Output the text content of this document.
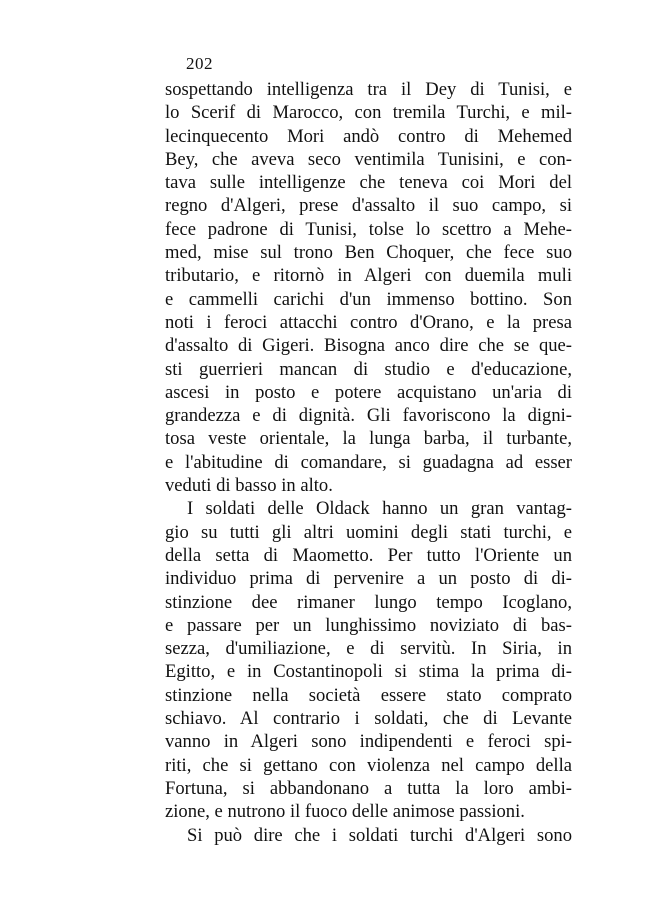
202
sospettando intelligenza tra il Dey di Tunisi, e
lo Scerif di Marocco, con tremila Turchi, e mil-
lecinquecento Mori andò contro di Mehemed
Bey, che aveva seco ventimila Tunisini, e con-
tava sulle intelligenze che teneva coi Mori del
regno d'Algeri, prese d'assalto il suo campo, si
fece padrone di Tunisi, tolse lo scettro a Mehe-
med, mise sul trono Ben Choquer, che fece suo
tributario, e ritornò in Algeri con duemila muli
e cammelli carichi d'un immenso bottino. Son
noti i feroci attacchi contro d'Orano, e la presa
d'assalto di Gigeri. Bisogna anco dire che se que-
sti guerrieri mancan di studio e d'educazione,
ascesi in posto e potere acquistano un'aria di
grandezza e di dignità. Gli favoriscono la digni-
tosa veste orientale, la lunga barba, il turbante,
e l'abitudine di comandare, si guadagna ad esser
veduti di basso in alto.
I soldati delle Oldack hanno un gran vantag-
gio su tutti gli altri uomini degli stati turchi, e
della setta di Maometto. Per tutto l'Oriente un
individuo prima di pervenire a un posto di di-
stinzione dee rimaner lungo tempo Icoglano,
e passare per un lunghissimo noviziato di bas-
sezza, d'umiliazione, e di servitù. In Siria, in
Egitto, e in Costantinopoli si stima la prima di-
stinzione nella società essere stato comprato
schiavo. Al contrario i soldati, che di Levante
vanno in Algeri sono indipendenti e feroci spi-
riti, che si gettano con violenza nel campo della
Fortuna, si abbandonano a tutta la loro ambi-
zione, e nutrono il fuoco delle animose passioni.
Si può dire che i soldati turchi d'Algeri sono
